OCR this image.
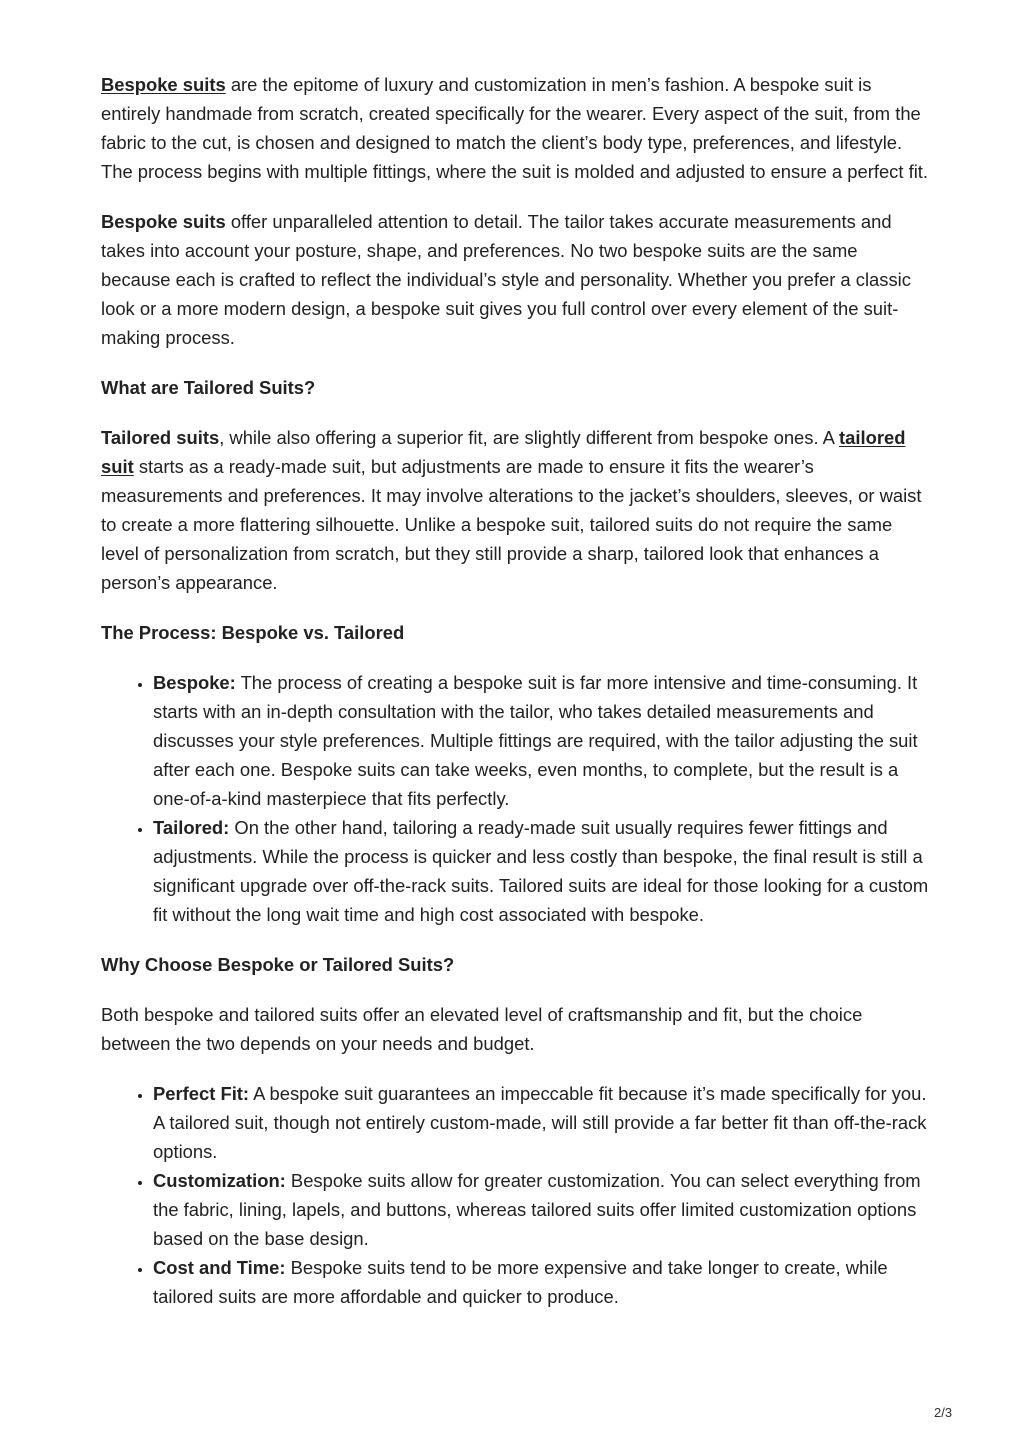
Bespoke suits are the epitome of luxury and customization in men’s fashion. A bespoke suit is entirely handmade from scratch, created specifically for the wearer. Every aspect of the suit, from the fabric to the cut, is chosen and designed to match the client’s body type, preferences, and lifestyle. The process begins with multiple fittings, where the suit is molded and adjusted to ensure a perfect fit.

Bespoke suits offer unparalleled attention to detail. The tailor takes accurate measurements and takes into account your posture, shape, and preferences. No two bespoke suits are the same because each is crafted to reflect the individual’s style and personality. Whether you prefer a classic look or a more modern design, a bespoke suit gives you full control over every element of the suit-making process.

What are Tailored Suits?

Tailored suits, while also offering a superior fit, are slightly different from bespoke ones. A tailored suit starts as a ready-made suit, but adjustments are made to ensure it fits the wearer’s measurements and preferences. It may involve alterations to the jacket’s shoulders, sleeves, or waist to create a more flattering silhouette. Unlike a bespoke suit, tailored suits do not require the same level of personalization from scratch, but they still provide a sharp, tailored look that enhances a person’s appearance.

The Process: Bespoke vs. Tailored
• Bespoke: The process of creating a bespoke suit is far more intensive and time-consuming. It starts with an in-depth consultation with the tailor, who takes detailed measurements and discusses your style preferences. Multiple fittings are required, with the tailor adjusting the suit after each one. Bespoke suits can take weeks, even months, to complete, but the result is a one-of-a-kind masterpiece that fits perfectly.
• Tailored: On the other hand, tailoring a ready-made suit usually requires fewer fittings and adjustments. While the process is quicker and less costly than bespoke, the final result is still a significant upgrade over off-the-rack suits. Tailored suits are ideal for those looking for a custom fit without the long wait time and high cost associated with bespoke.
Why Choose Bespoke or Tailored Suits?

Both bespoke and tailored suits offer an elevated level of craftsmanship and fit, but the choice between the two depends on your needs and budget.

• Perfect Fit: A bespoke suit guarantees an impeccable fit because it’s made specifically for you. A tailored suit, though not entirely custom-made, will still provide a far better fit than off-the-rack options.
• Customization: Bespoke suits allow for greater customization. You can select everything from the fabric, lining, lapels, and buttons, whereas tailored suits offer limited customization options based on the base design.
• Cost and Time: Bespoke suits tend to be more expensive and take longer to create, while tailored suits are more affordable and quicker to produce.
2/3
